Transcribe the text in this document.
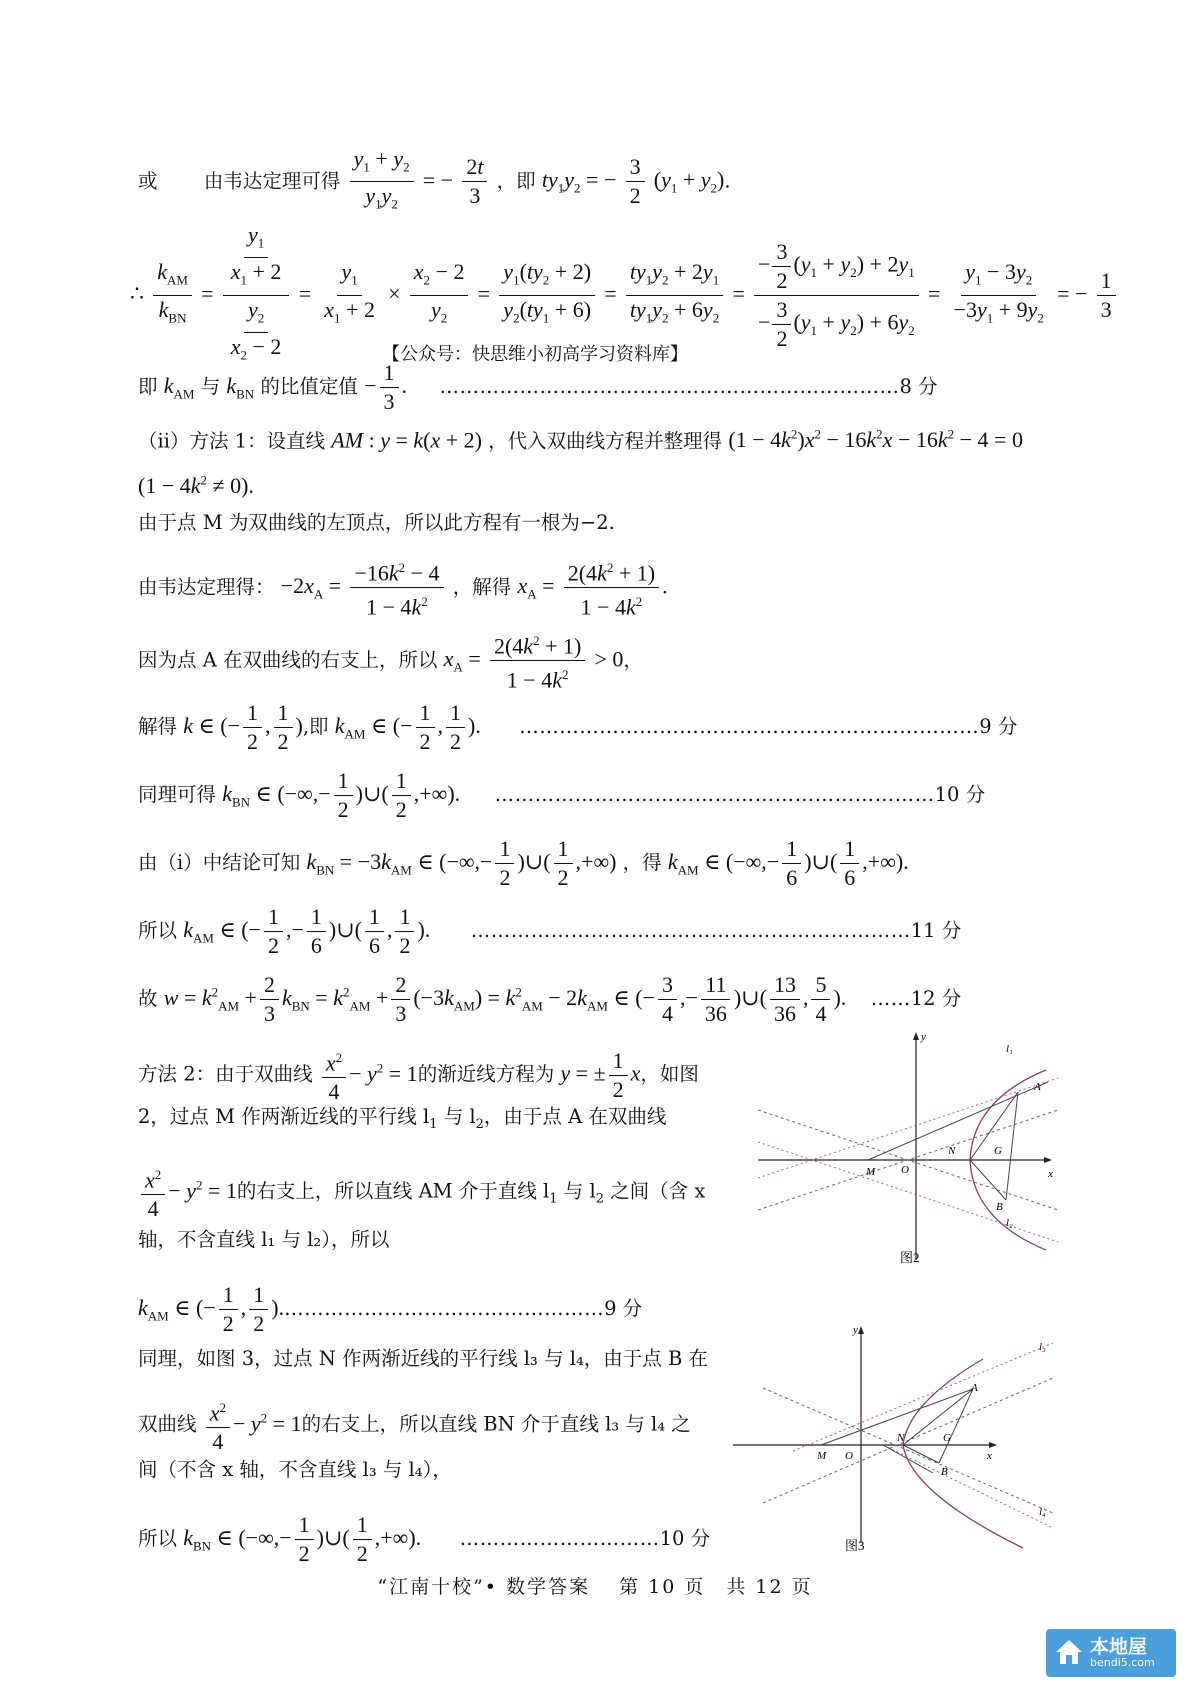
或 由韦达定理可得 $\frac{y_1 + y_2}{y_1y_2}$ = − $\frac{2t}{3}$ ，即 $ty_1y_2$ = − $\frac{3}{2} (y_1 + y_2)$.
∴ $\frac{k_{AM}}{k_{BN}} = \frac{\frac{y_1}{x_1 + 2}}{\frac{y_2}{x_2 - 2}} = \frac{y_1}{x_1 + 2} \times \frac{x_2 - 2}{y_2} = \frac{y_1(ty_2 + 2)}{y_2(ty_1 + 6)} = \frac{ty_1y_2 + 2y_1}{ty_1y_2 + 6y_2} = \frac{- \frac{3}{2} (y_1 + y_2) + 2y_1}{- \frac{3}{2} (y_1 + y_2) + 6y_2} = \frac{y_1 - 3y_2}{-3y_1 + 9y_2}$ = − $\frac{1}{3}$
【公众号：快思维小初高学习资料库】
即 $k_{AM}$ 与 $k_{BN}$ 的比值定值 − $\frac{1}{3}$ . ……………………………………………………………8 分
（ii）方法 1：设直线 AM : y = k(x + 2) ，代入双曲线方程并整理得 $(1 - 4k^2)x^2 - 16k^2x - 16k^2 - 4 = 0$
$(1 - 4k^2 \ne 0)$.
由于点 M 为双曲线的左顶点，所以此方程有一根为−2.
由韦达定理得： $-2x_A = \frac{-16k^2 - 4}{1 - 4k^2}$ ，解得 $x_A = \frac{2(4k^2 + 1)}{1 - 4k^2}$ .
因为点 A 在双曲线的右支上，所以 $x_A = \frac{2(4k^2 + 1)}{1 - 4k^2} > 0$，
解得 k ∈ (− $\frac{1}{2}$ , $\frac{1}{2}$ ),即 $k_{AM}$ ∈ (− $\frac{1}{2}$ , $\frac{1}{2}$ ). ……………………………………………………………9 分
同理可得 $k_{BN}$ ∈ (−∞,− $\frac{1}{2}$ )∪( $\frac{1}{2}$ ,+∞). …………………………………………………………10 分
由（i）中结论可知 $k_{BN} = -3k_{AM}$ ∈ (−∞,− $\frac{1}{2}$ )∪( $\frac{1}{2}$ ,+∞) ，得 $k_{AM}$ ∈ (−∞,− $\frac{1}{6}$ )∪( $\frac{1}{6}$ ,+∞).
所以 $k_{AM}$ ∈ (− $\frac{1}{2}$ ,− $\frac{1}{6}$ )∪( $\frac{1}{6}$ , $\frac{1}{2}$ ). …………………………………………………………11 分
故 $w = k^2_{AM} + \frac{2}{3} k_{BN} = k^2_{AM} + \frac{2}{3} (-3k_{AM}) = k^2_{AM} - 2k_{AM}$ ∈ (− $\frac{3}{4}$ ,− $\frac{11}{36}$ )∪( $\frac{13}{36}$ , $\frac{5}{4}$ ). ……12 分
方法 2：由于双曲线 $\frac{x^2}{4} - y^2 = 1$的渐近线方程为 y = ± $\frac{1}{2}$ x，如图
2，过点 M 作两渐近线的平行线 $l_1$ 与 $l_2$，由于点 A 在双曲线
$\frac{x^2}{4} - y^2 = 1$的右支上，所以直线 AM 介于直线 $l_1$ 与 $l_2$ 之间（含 x
轴，不含直线 l₁ 与 l₂），所以
$k_{AM}$ ∈ (− $\frac{1}{2}$ , $\frac{1}{2}$ ).…………………………………………9 分
同理，如图 3，过点 N 作两渐近线的平行线 l₃ 与 l₄，由于点 B 在
双曲线 $\frac{x^2}{4} - y^2 = 1$的右支上，所以直线 BN 介于直线 l₃ 与 l₄ 之
间（不含 x 轴，不含直线 l₃ 与 l₄），
所以 $k_{BN}$ ∈ (−∞,− $\frac{1}{2}$ )∪( $\frac{1}{2}$ ,+∞). …………………………10 分
l₁
l₂
y
x
A
G
N
M O
B
图2
l₃
l₄
y
x
A
G
N
M O
B
图3
“江南十校”• 数学答案　 第 10 页　共 12 页
本地屋
bendi5.com
